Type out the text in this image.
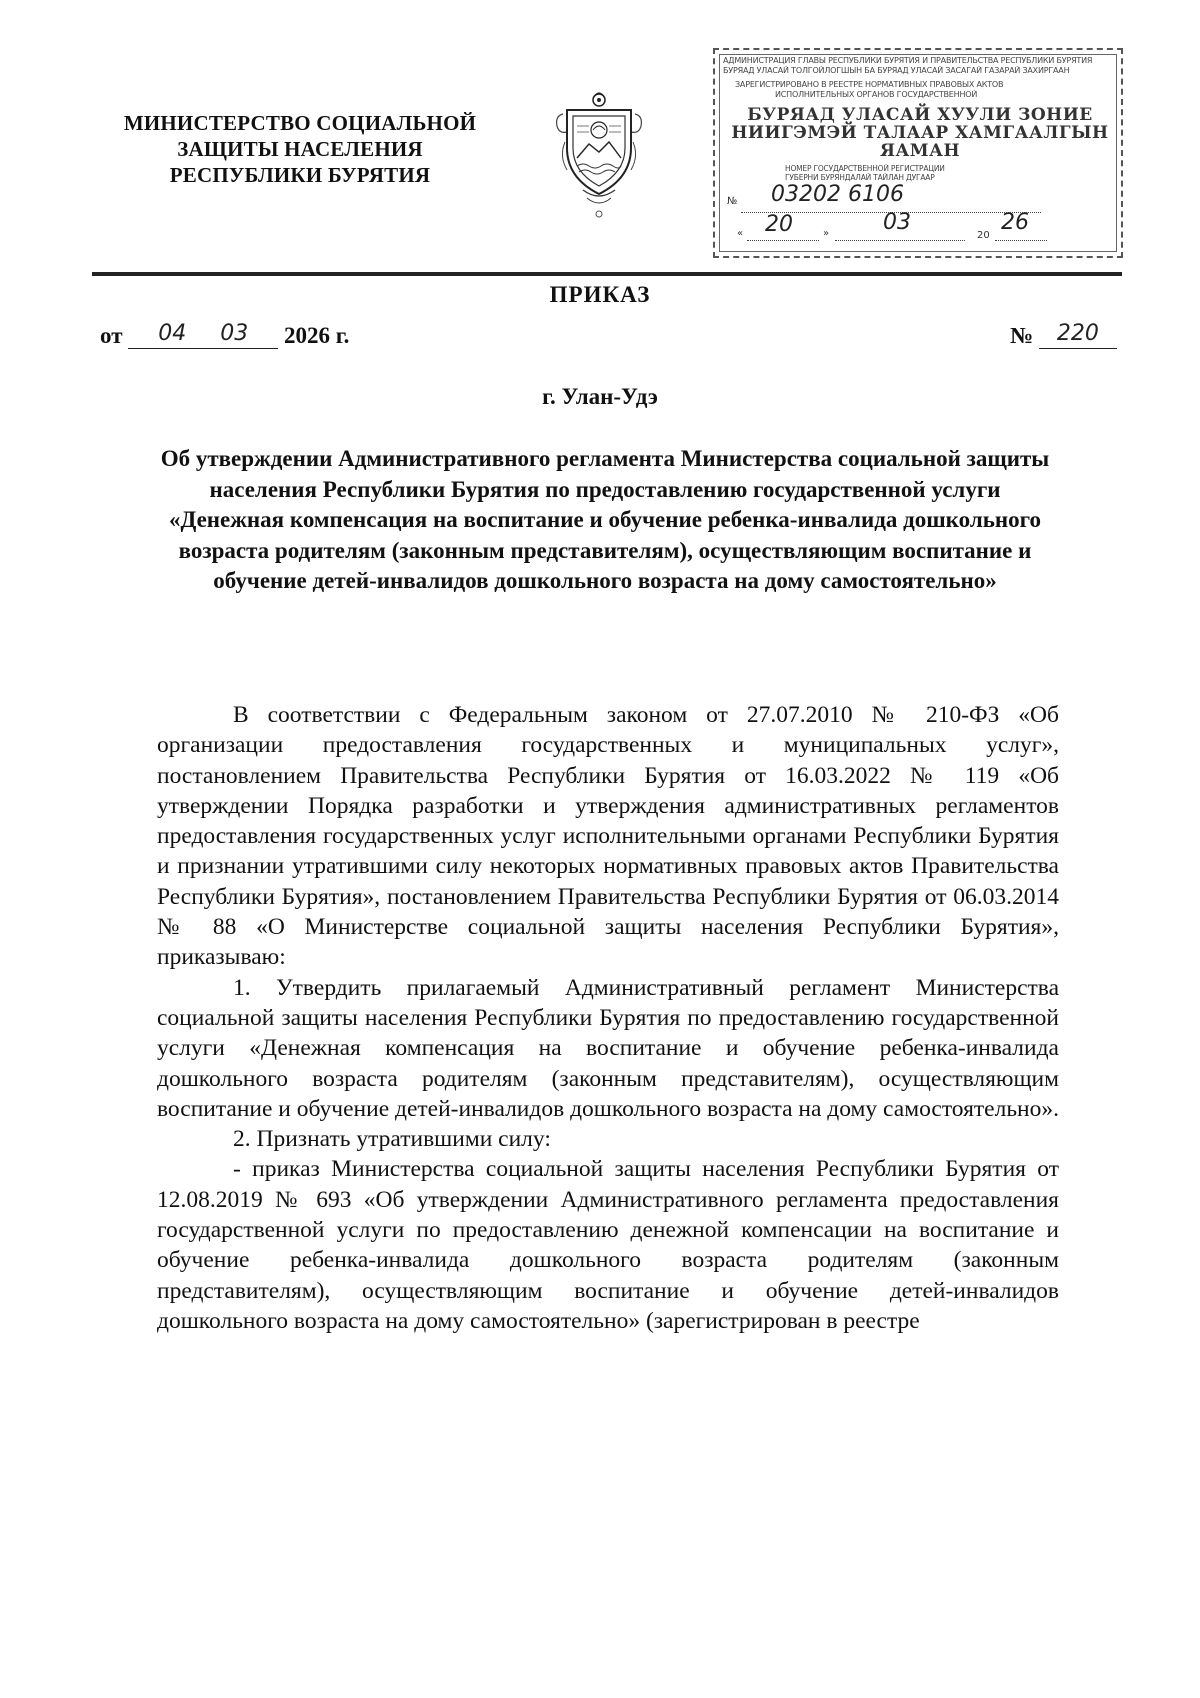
МИНИСТЕРСТВО СОЦИАЛЬНОЙ
ЗАЩИТЫ НАСЕЛЕНИЯ
РЕСПУБЛИКИ БУРЯТИЯ
АДМИНИСТРАЦИЯ ГЛАВЫ РЕСПУБЛИКИ БУРЯТИЯ И ПРАВИТЕЛЬСТВА РЕСПУБЛИКИ БУРЯТИЯ
БУРЯАД УЛАСАЙ ТОЛГОЙЛОГШЫН БА БУРЯАД УЛАСАЙ ЗАСАГАЙ ГАЗАРАЙ ЗАХИРГААН
ЗАРЕГИСТРИРОВАНО В РЕЕСТРЕ НОРМАТИВНЫХ ПРАВОВЫХ АКТОВ
ИСПОЛНИТЕЛЬНЫХ ОРГАНОВ ГОСУДАРСТВЕННОЙ
БУРЯАД УЛАСАЙ ХУУЛИ ЗОНИЕ
НИИГЭМЭЙ ТАЛААР ХАМГААЛГЫН
ЯАМАН
НОМЕР ГОСУДАРСТВЕННОЙ РЕГИСТРАЦИИ
ГУБЕРНИ БУРЯНДАЛАЙ ТАЙЛАН ДУГААР
№ 03202 6106
« 20	» 03
20
26
ПРИКАЗ
от 04 03 2026 г.	№ 220
г. Улан-Удэ
Об утверждении Административного регламента Министерства социальной защиты населения Республики Бурятия по предоставлению государственной услуги «Денежная компенсация на воспитание и обучение ребенка-инвалида дошкольного возраста родителям (законным представителям), осуществляющим воспитание и обучение детей-инвалидов дошкольного возраста на дому самостоятельно»

В соответствии с Федеральным законом от 27.07.2010 № 210-ФЗ «Об организации предоставления государственных и муниципальных услуг», постановлением Правительства Республики Бурятия от 16.03.2022 № 119 «Об утверждении Порядка разработки и утверждения административных регламентов предоставления государственных услуг исполнительными органами Республики Бурятия и признании утратившими силу некоторых нормативных правовых актов Правительства Республики Бурятия», постановлением Правительства Республики Бурятия от 06.03.2014 № 88 «О Министерстве социальной защиты населения Республики Бурятия», приказываю:

1. Утвердить прилагаемый Административный регламент Министерства социальной защиты населения Республики Бурятия по предоставлению государственной услуги «Денежная компенсация на воспитание и обучение ребенка-инвалида дошкольного возраста родителям (законным представителям), осуществляющим воспитание и обучение детей-инвалидов дошкольного возраста на дому самостоятельно».

2. Признать утратившими силу:

- приказ Министерства социальной защиты населения Республики Бурятия от 12.08.2019 № 693 «Об утверждении Административного регламента предоставления государственной услуги по предоставлению денежной компенсации на воспитание и обучение ребенка-инвалида дошкольного возраста родителям (законным представителям), осуществляющим воспитание и обучение детей-инвалидов дошкольного возраста на дому самостоятельно» (зарегистрирован в реестре
